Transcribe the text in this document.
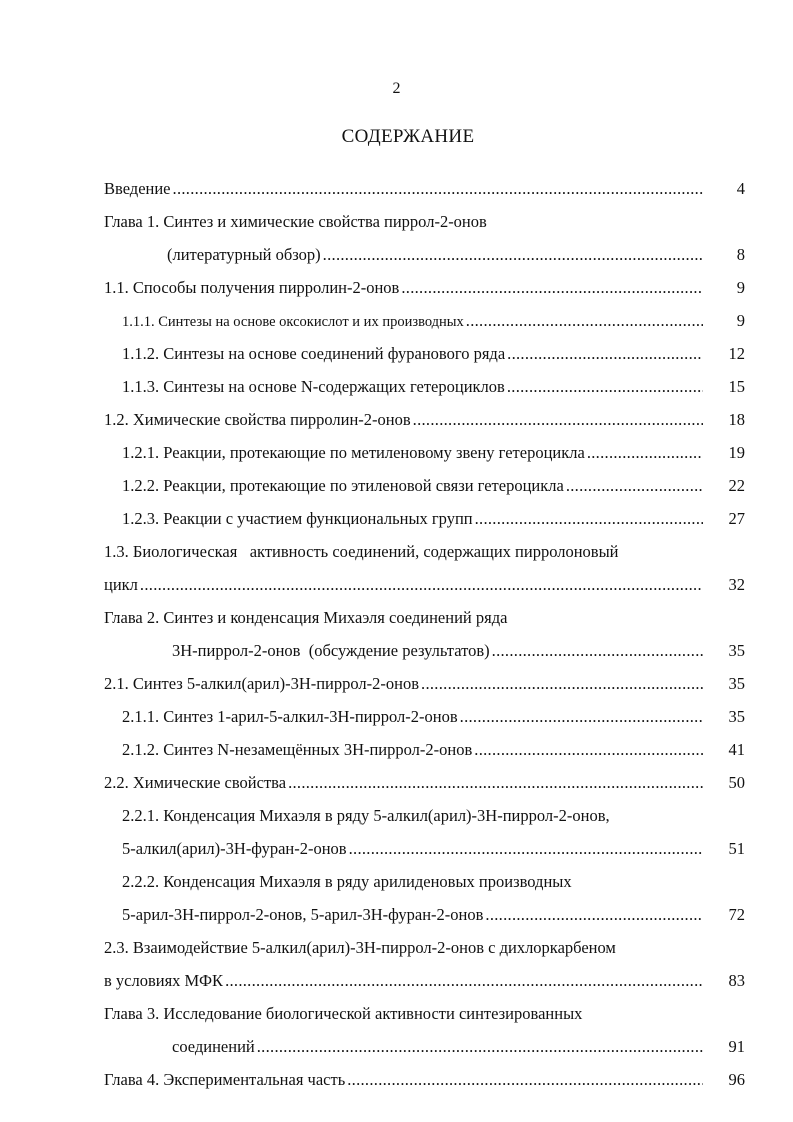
2
СОДЕРЖАНИЕ
Введение .....	4
Глава 1. Синтез и химические свойства пиррол-2-онов
(литературный обзор) .....	8
1.1. Способы получения пирролин-2-онов .....	9
1.1.1. Синтезы на основе оксокислот и их производных .....	9
1.1.2. Синтезы на основе соединений фуранового ряда .....	12
1.1.3. Синтезы на основе N-содержащих гетероциклов .....	15
1.2. Химические свойства пирролин-2-онов .....	18
1.2.1. Реакции, протекающие по метиленовому звену гетероцикла .....	19
1.2.2. Реакции, протекающие по этиленовой связи гетероцикла .....	22
1.2.3. Реакции с участием функциональных групп .....	27
1.3. Биологическая   активность соединений, содержащих пирролоновый
цикл .....	32
Глава 2. Синтез и конденсация Михаэля соединений ряда
3Н-пиррол-2-онов  (обсуждение результатов) .....	35
2.1. Синтез 5-алкил(арил)-3Н-пиррол-2-онов .....	35
2.1.1. Синтез 1-арил-5-алкил-3Н-пиррол-2-онов .....	35
2.1.2. Синтез N-незамещённых 3Н-пиррол-2-онов .....	41
2.2. Химические свойства .....	50
2.2.1. Конденсация Михаэля в ряду 5-алкил(арил)-3Н-пиррол-2-онов,
5-алкил(арил)-3Н-фуран-2-онов .....	51
2.2.2. Конденсация Михаэля в ряду арилиденовых производных
5-арил-3Н-пиррол-2-онов, 5-арил-3Н-фуран-2-онов .....	72
2.3. Взаимодействие 5-алкил(арил)-3Н-пиррол-2-онов с дихлоркарбеном
в условиях МФК .....	83
Глава 3. Исследование биологической активности синтезированных
соединений .....	91
Глава 4. Экспериментальная часть .....	96
